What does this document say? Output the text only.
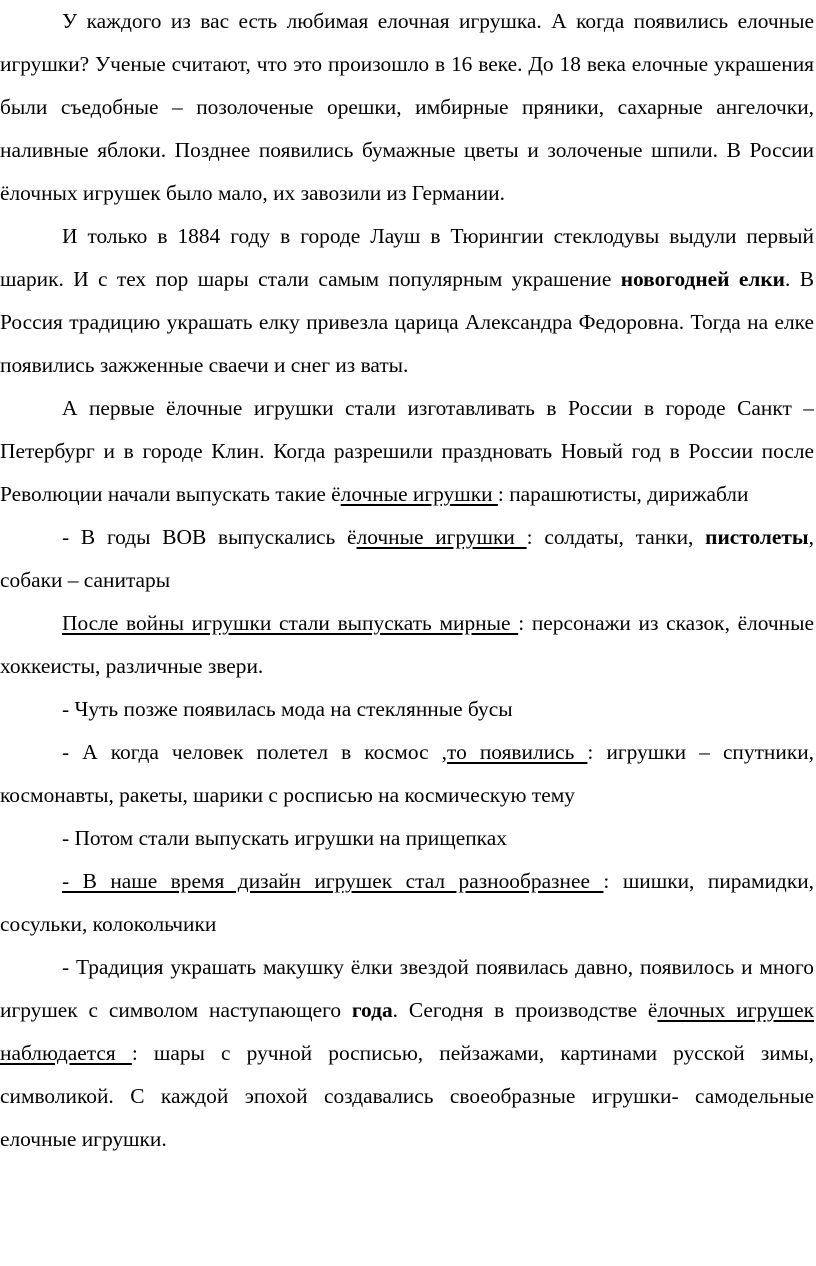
У каждого из вас есть любимая елочная игрушка. А когда появились елочные игрушки? Ученые считают, что это произошло в 16 веке. До 18 века елочные украшения были съедобные – позолоченые орешки, имбирные пряники, сахарные ангелочки, наливные яблоки. Позднее появились бумажные цветы и золоченые шпили. В России ёлочных игрушек было мало, их завозили из Германии.

И только в 1884 году в городе Лауш в Тюрингии стеклодувы выдули первый шарик. И с тех пор шары стали самым популярным украшение новогодней елки. В Россия традицию украшать елку привезла царица Александра Федоровна. Тогда на елке появились зажженные сваечи и снег из ваты.

А первые ёлочные игрушки стали изготавливать в России в городе Санкт – Петербург и в городе Клин. Когда разрешили праздновать Новый год в России после Революции начали выпускать такие ёлочные игрушки : парашютисты, дирижабли

- В годы ВОВ выпускались ёлочные игрушки : солдаты, танки, пистолеты, собаки – санитары

После войны игрушки стали выпускать мирные : персонажи из сказок, ёлочные хоккеисты, различные звери.

- Чуть позже появилась мода на стеклянные бусы

- А когда человек полетел в космос ,то появились : игрушки – спутники, космонавты, ракеты, шарики с росписью на космическую тему

- Потом стали выпускать игрушки на прищепках

- В наше время дизайн игрушек стал разнообразнее : шишки, пирамидки, сосульки, колокольчики

- Традиция украшать макушку ёлки звездой появилась давно, появилось и много игрушек с символом наступающего года. Сегодня в производстве ёлочных игрушек наблюдается : шары с ручной росписью, пейзажами, картинами русской зимы, символикой. С каждой эпохой создавались своеобразные игрушки- самодельные елочные игрушки.
